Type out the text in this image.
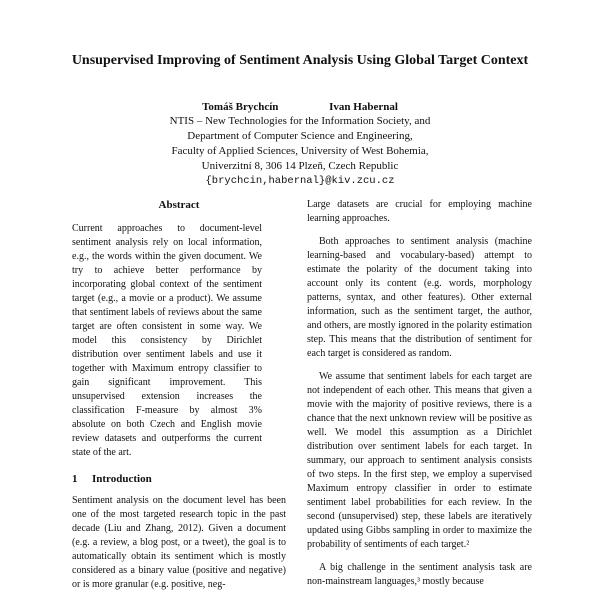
Unsupervised Improving of Sentiment Analysis Using Global Target Context
Tomáš Brychcín	Ivan Habernal
NTIS – New Technologies for the Information Society, and
Department of Computer Science and Engineering,
Faculty of Applied Sciences, University of West Bohemia,
Univerzitní 8, 306 14 Plzeň, Czech Republic
{brychcin,habernal}@kiv.zcu.cz
Abstract

Current approaches to document-level sentiment analysis rely on local information, e.g., the words within the given document. We try to achieve better performance by incorporating global context of the sentiment target (e.g., a movie or a product). We assume that sentiment labels of reviews about the same target are often consistent in some way. We model this consistency by Dirichlet distribution over sentiment labels and use it together with Maximum entropy classifier to gain significant improvement. This unsupervised extension increases the classification F-measure by almost 3% absolute on both Czech and English movie review datasets and outperforms the current state of the art.

1 Introduction

Sentiment analysis on the document level has been one of the most targeted research topic in the past decade (Liu and Zhang, 2012). Given a document (e.g. a review, a blog post, or a tweet), the goal is to automatically obtain its sentiment which is mostly considered as a binary value (positive and negative) or is more granular (e.g. positive, neg-

Large datasets are crucial for employing machine learning approaches.

Both approaches to sentiment analysis (machine learning-based and vocabulary-based) attempt to estimate the polarity of the document taking into account only its content (e.g. words, morphology patterns, syntax, and other features). Other external information, such as the sentiment target, the author, and others, are mostly ignored in the polarity estimation step. This means that the distribution of sentiment for each target is considered as random.

We assume that sentiment labels for each target are not independent of each other. This means that given a movie with the majority of positive reviews, there is a chance that the next unknown review will be positive as well. We model this assumption as a Dirichlet distribution over sentiment labels for each target. In summary, our approach to sentiment analysis consists of two steps. In the first step, we employ a supervised Maximum entropy classifier in order to estimate sentiment label probabilities for each review. In the second (unsupervised) step, these labels are iteratively updated using Gibbs sampling in order to maximize the probability of sentiments of each target.²

A big challenge in the sentiment analysis task are non-mainstream languages,³ mostly because
